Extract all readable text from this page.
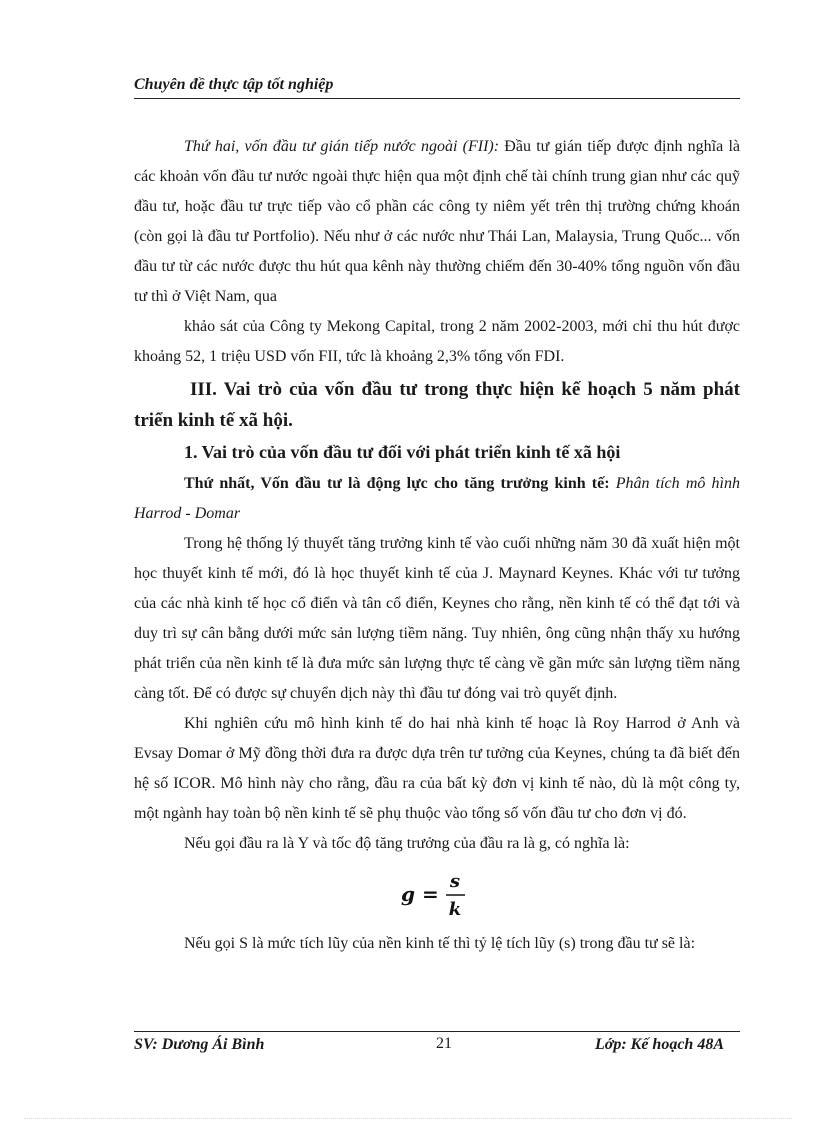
Chuyên đề thực tập tốt nghiệp

Thứ hai, vốn đầu tư gián tiếp nước ngoài (FII): Đầu tư gián tiếp được định nghĩa là các khoản vốn đầu tư nước ngoài thực hiện qua một định chế tài chính trung gian như các quỹ đầu tư, hoặc đầu tư trực tiếp vào cổ phần các công ty niêm yết trên thị trường chứng khoán (còn gọi là đầu tư Portfolio). Nếu như ở các nước như Thái Lan, Malaysia, Trung Quốc... vốn đầu tư từ các nước được thu hút qua kênh này thường chiếm đến 30-40% tổng nguồn vốn đầu tư thì ở Việt Nam, qua

khảo sát của Công ty Mekong Capital, trong 2 năm 2002-2003, mới chỉ thu hút được khoảng 52, 1 triệu USD vốn FII, tức là khoảng 2,3% tổng vốn FDI.

III. Vai trò của vốn đầu tư trong thực hiện kế hoạch 5 năm phát triển kinh tế xã hội.

1. Vai trò của vốn đầu tư đối với phát triển kinh tế xã hội

Thứ nhất, Vốn đầu tư là động lực cho tăng trưởng kinh tế: Phân tích mô hình Harrod - Domar

Trong hệ thống lý thuyết tăng trưởng kinh tế vào cuối những năm 30 đã xuất hiện một học thuyết kinh tế mới, đó là học thuyết kinh tế của J. Maynard Keynes. Khác với tư tưởng của các nhà kinh tế học cổ điển và tân cổ điển, Keynes cho rằng, nền kinh tế có thể đạt tới và duy trì sự cân bằng dưới mức sản lượng tiềm năng. Tuy nhiên, ông cũng nhận thấy xu hướng phát triển của nền kinh tế là đưa mức sản lượng thực tế càng về gần mức sản lượng tiềm năng càng tốt. Để có được sự chuyển dịch này thì đầu tư đóng vai trò quyết định.

Khi nghiên cứu mô hình kinh tế do hai nhà kinh tế hoạc là Roy Harrod ở Anh và Evsay Domar ở Mỹ đồng thời đưa ra được dựa trên tư tưởng của Keynes, chúng ta đã biết đến hệ số ICOR. Mô hình này cho rằng, đầu ra của bất kỳ đơn vị kinh tế nào, dù là một công ty, một ngành hay toàn bộ nền kinh tế sẽ phụ thuộc vào tổng số vốn đầu tư cho đơn vị đó.

Nếu gọi đầu ra là Y và tốc độ tăng trưởng của đầu ra là g, có nghĩa là:

g =
s
k

Nếu gọi S là mức tích lũy của nền kinh tế thì tỷ lệ tích lũy (s) trong đầu tư sẽ là:

SV: Dương Ái Bình	21	Lớp: Kế hoạch 48A
